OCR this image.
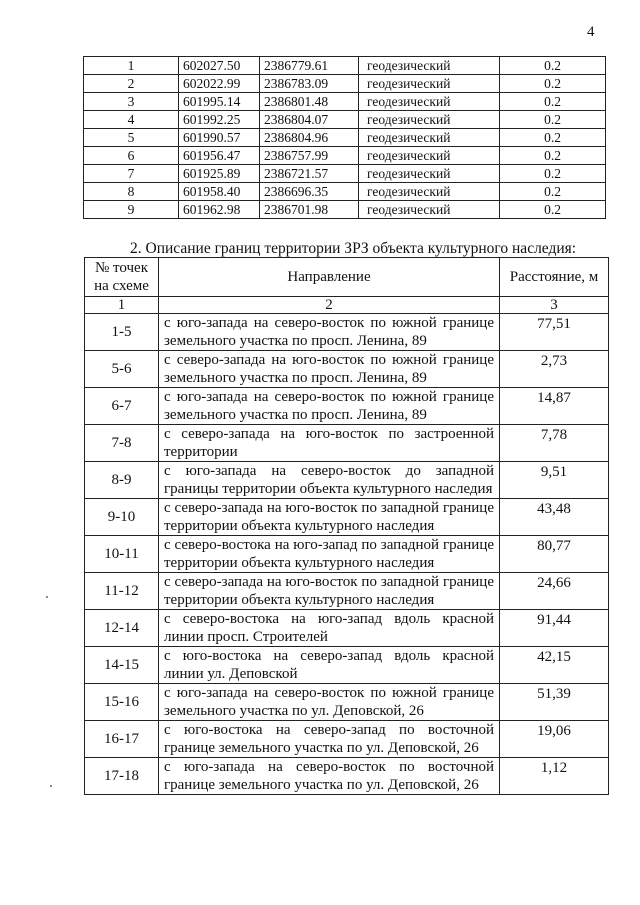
4
1	602027.50	2386779.61	геодезический	0.2
2	602022.99	2386783.09	геодезический	0.2
3	601995.14	2386801.48	геодезический	0.2
4	601992.25	2386804.07	геодезический	0.2
5	601990.57	2386804.96	геодезический	0.2
6	601956.47	2386757.99	геодезический	0.2
7	601925.89	2386721.57	геодезический	0.2
8	601958.40	2386696.35	геодезический	0.2
9	601962.98	2386701.98	геодезический	0.2
2. Описание границ территории ЗРЗ объекта культурного наследия:
№ точек на схеме	Направление	Расстояние, м
1	2	3
1-5	с юго-запада на северо-восток по южной границе земельного участка по просп. Ленина, 89	77,51
5-6	с северо-запада на юго-восток по южной границе земельного участка по просп. Ленина, 89	2,73
6-7	с юго-запада на северо-восток по южной границе земельного участка по просп. Ленина, 89	14,87
7-8	с северо-запада на юго-восток по застроенной территории	7,78
8-9	с юго-запада на северо-восток до западной границы территории объекта культурного наследия	9,51
9-10	с северо-запада на юго-восток по западной границе территории объекта культурного наследия	43,48
10-11	с северо-востока на юго-запад по западной границе территории объекта культурного наследия	80,77
11-12	с северо-запада на юго-восток по западной границе территории объекта культурного наследия	24,66
12-14	с северо-востока на юго-запад вдоль красной линии просп. Строителей	91,44
14-15	с юго-востока на северо-запад вдоль красной линии ул. Деповской	42,15
15-16	с юго-запада на северо-восток по южной границе земельного участка по ул. Деповской, 26	51,39
16-17	с юго-востока на северо-запад по восточной границе земельного участка по ул. Деповской, 26	19,06
17-18	с юго-запада на северо-восток по восточной границе земельного участка по ул. Деповской, 26	1,12
